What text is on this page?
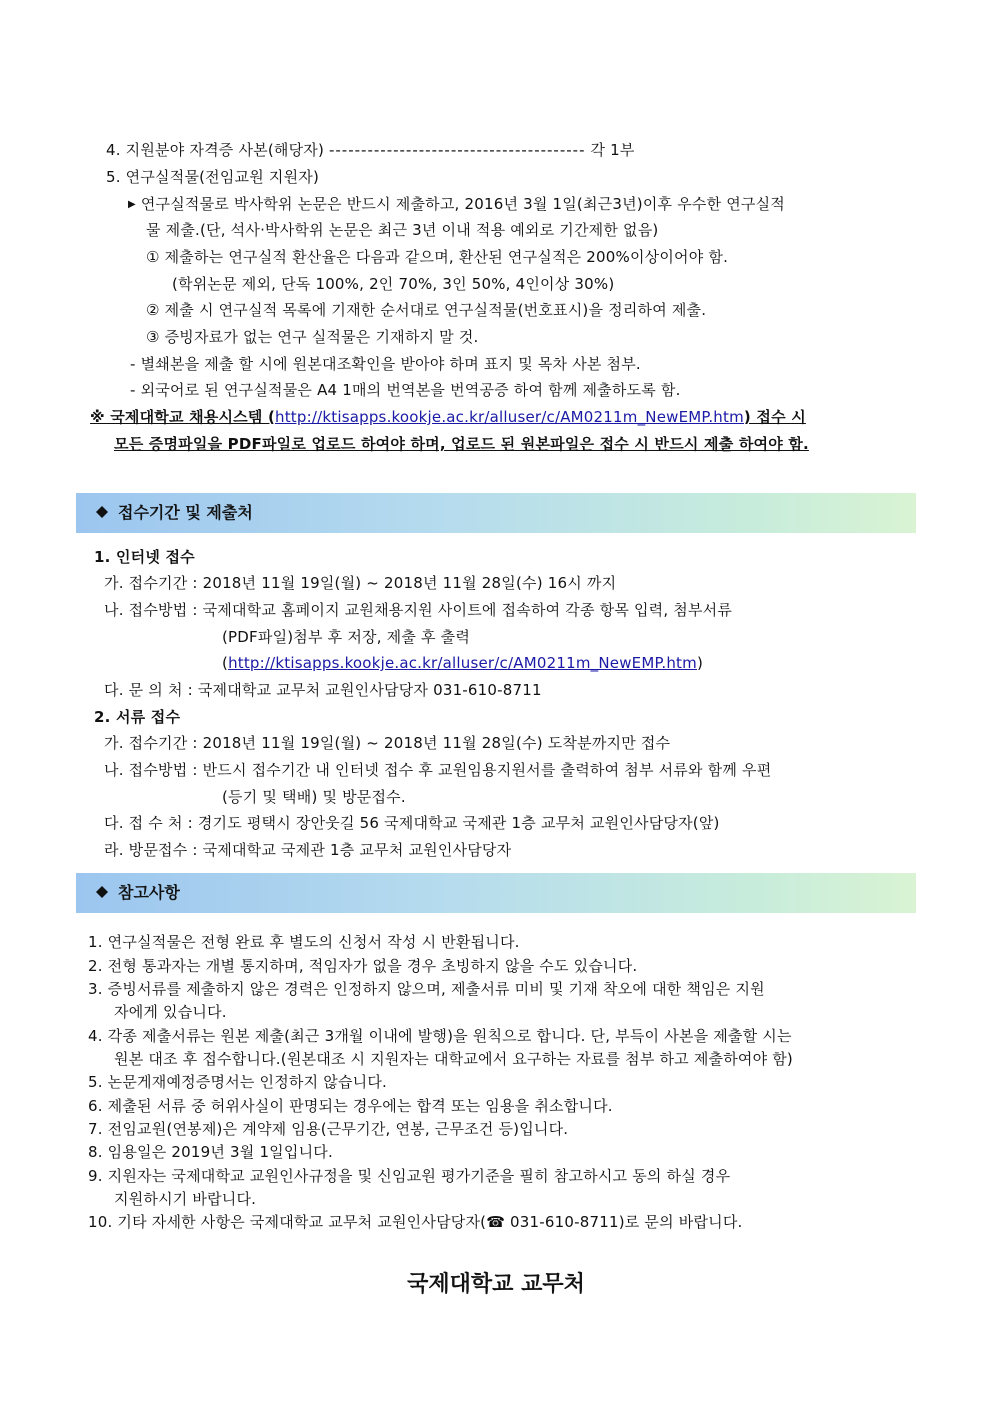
4. 지원분야 자격증 사본(해당자) ---------------------------------------- 각 1부
5. 연구실적물(전임교원 지원자)
▶ 연구실적물로 박사학위 논문은 반드시 제출하고, 2016년 3월 1일(최근3년)이후 우수한 연구실적
물 제출.(단, 석사·박사학위 논문은 최근 3년 이내 적용 예외로 기간제한 없음)
① 제출하는 연구실적 환산율은 다음과 같으며, 환산된 연구실적은 200%이상이어야 함.
(학위논문 제외, 단독 100%, 2인 70%, 3인 50%, 4인이상 30%)
② 제출 시 연구실적 목록에 기재한 순서대로 연구실적물(번호표시)을 정리하여 제출.
③ 증빙자료가 없는 연구 실적물은 기재하지 말 것.
- 별쇄본을 제출 할 시에 원본대조확인을 받아야 하며 표지 및 목차 사본 첨부.
- 외국어로 된 연구실적물은 A4 1매의 번역본을 번역공증 하여 함께 제출하도록 함.
※ 국제대학교 채용시스템 (http://ktisapps.kookje.ac.kr/alluser/c/AM0211m_NewEMP.htm) 접수 시
모든 증명파일을 PDF파일로 업로드 하여야 하며, 업로드 된 원본파일은 접수 시 반드시 제출 하여야 함.
접수기간 및 제출처
1. 인터넷 접수
가. 접수기간 : 2018년 11월 19일(월) ~ 2018년 11월 28일(수) 16시 까지
나. 접수방법 : 국제대학교 홈페이지 교원채용지원 사이트에 접속하여 각종 항목 입력, 첨부서류
(PDF파일)첨부 후 저장, 제출 후 출력
(http://ktisapps.kookje.ac.kr/alluser/c/AM0211m_NewEMP.htm)
다. 문 의 처 : 국제대학교 교무처 교원인사담당자 031-610-8711
2. 서류 접수
가. 접수기간 : 2018년 11월 19일(월) ~ 2018년 11월 28일(수) 도착분까지만 접수
나. 접수방법 : 반드시 접수기간 내 인터넷 접수 후 교원임용지원서를 출력하여 첨부 서류와 함께 우편
(등기 및 택배) 및 방문접수.
다. 접 수 처 : 경기도 평택시 장안웃길 56 국제대학교 국제관 1층 교무처 교원인사담당자(앞)
라. 방문접수 : 국제대학교 국제관 1층 교무처 교원인사담당자
참고사항
1. 연구실적물은 전형 완료 후 별도의 신청서 작성 시 반환됩니다.
2. 전형 통과자는 개별 통지하며, 적임자가 없을 경우 초빙하지 않을 수도 있습니다.
3. 증빙서류를 제출하지 않은 경력은 인정하지 않으며, 제출서류 미비 및 기재 착오에 대한 책임은 지원
자에게 있습니다.
4. 각종 제출서류는 원본 제출(최근 3개월 이내에 발행)을 원칙으로 합니다. 단, 부득이 사본을 제출할 시는
원본 대조 후 접수합니다.(원본대조 시 지원자는 대학교에서 요구하는 자료를 첨부 하고 제출하여야 함)
5. 논문게재예정증명서는 인정하지 않습니다.
6. 제출된 서류 중 허위사실이 판명되는 경우에는 합격 또는 임용을 취소합니다.
7. 전임교원(연봉제)은 계약제 임용(근무기간, 연봉, 근무조건 등)입니다.
8. 임용일은 2019년 3월 1일입니다.
9. 지원자는 국제대학교 교원인사규정을 및 신임교원 평가기준을 필히 참고하시고 동의 하실 경우
지원하시기 바랍니다.
10. 기타 자세한 사항은 국제대학교 교무처 교원인사담당자(☎ 031-610-8711)로 문의 바랍니다.
국제대학교 교무처
